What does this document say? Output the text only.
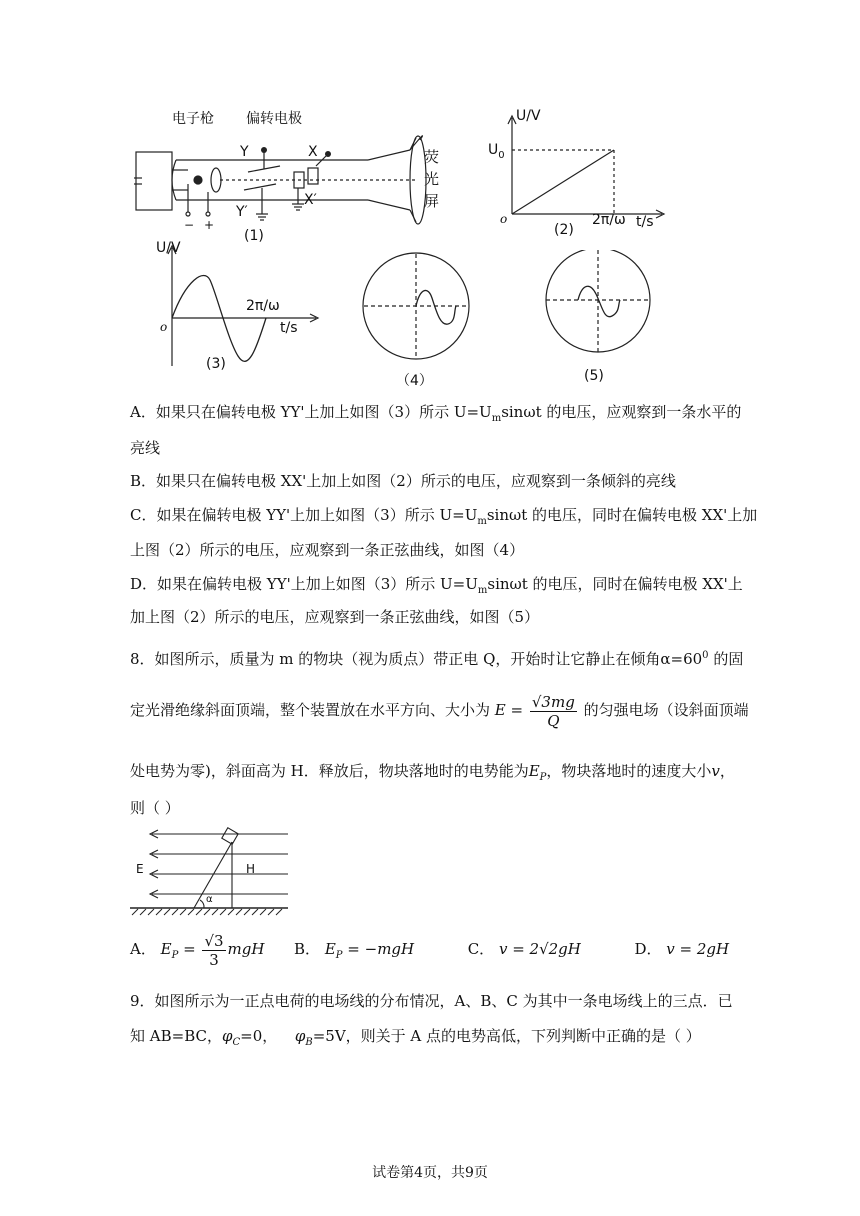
电子枪 偏转电极
Y
Y′
X
X′
− +
(1)
荧
光
屏
U/V
$U_0$
o	2π/ω t/s
(2)
U/V
o
2π/ω
t/s
(3)
（4）	(5)
A．如果只在偏转电极 YY'上加上如图（3）所示 $U=U_m\sin\omega t$ 的电压，应观察到一条水平的
亮线
B．如果只在偏转电极 XX'上加上如图（2）所示的电压，应观察到一条倾斜的亮线
C．如果在偏转电极 YY'上加上如图（3）所示 $U=U_m\sin\omega t$ 的电压，同时在偏转电极 XX'上加
上图（2）所示的电压，应观察到一条正弦曲线，如图（4）
D．如果在偏转电极 YY'上加上如图（3）所示 $U=U_m\sin\omega t$ 的电压，同时在偏转电极 XX'上
加上图（2）所示的电压，应观察到一条正弦曲线，如图（5）
8．如图所示，质量为 m 的物块（视为质点）带正电 Q，开始时让它静止在倾角$\alpha=60^0$ 的固
定光滑绝缘斜面顶端，整个装置放在水平方向、大小为 $E = \frac{√3mg}{Q}$ 的匀强电场（设斜面顶端
处电势为零)，斜面高为 H．释放后，物块落地时的电势能为$E_P$，物块落地时的速度大小v，
则（ ）
E	H
α
A． $E_P = \frac{√3}{3}$ mgH B． $E_P = -mgH$	C． v = 2√2gH	D． v = 2gH
9．如图所示为一正点电荷的电场线的分布情况，A、B、C 为其中一条电场线上的三点．已
知 AB=BC，$\varphi_C=0$， $\varphi_B=5V$，则关于 A 点的电势高低，下列判断中正确的是（ ）
试卷第4页，共9页
